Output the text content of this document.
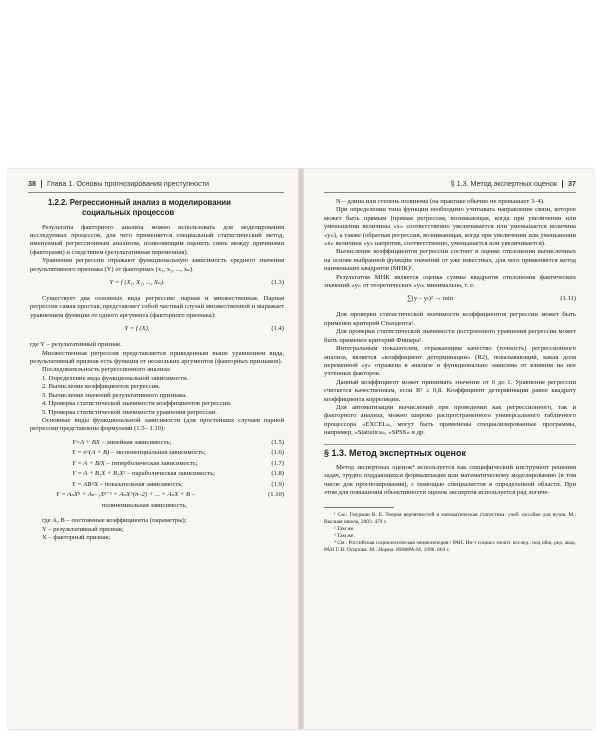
38 Глава 1. Основы прогнозирования преступности
1.2.2. Регрессионный анализ в моделировании
социальных процессов

Результаты факторного анализа можно использовать для моделирования исследуемых процессов, для чего применяется специальный статистический метод, именуемый регрессионным анализом, позволяющим оценить связь между причинами (факторами) и следствием (результативная переменная).

Уравнения регрессии отражают функциональную зависимость среднего значения результативного признака (Y) от факторных (x₁, x₂, ..., xₙ).

Y = f (X₁, X₂, ..., Xₙ).	(1.3)

Существует два основных вида регрессии: парная и множественная. Парная регрессия самая простая, представляет собой частный случай множественной и выражает уравнением функции от одного аргумента (факторного признака):

Y = f (X),	(1.4)

где Y – результативный признак.

Множественная регрессия представляется приведенным выше уравнением вида, результативный признак есть функция от нескольких аргументов (факторных признаков).

Последовательность регрессионного анализа:

1. Определение вида функциональной зависимости.

2. Вычисление коэффициентов регрессии.

3. Вычисление значений результативного признака.

4. Проверка статистической значимости коэффициентов регрессии.

5. Проверка статистической значимости уравнения регрессии.

Основные виды функциональной зависимости (для простейших случаев парной регрессии представлены формулами (1.5– 1.10):

Y=A + BX – линейная зависимость;	(1.5)
Y = e^(A + B) – экспоненциальная зависимость;	(1.6)
Y = A + B/X – гиперболическая зависимость;	(1.7)
Y = A + B₁X + B₂X² – параболическая зависимость;	(1.8)
Y = AB^X – показательная зависимость;	(1.9)
Y = AₙXⁿ + Aₙ₋₁Xⁿ⁻¹ + AₙX^(n–2) + ... + AₙX + B –	(1.10)
полиномиальная зависимость,

где A, B – постоянные коэффициенты (параметры);

Y – результативный признак;

X – факторный признак;

§ 1.3. Метод экспертных оценок 37

N – длина или степень полинома (на практике обычно не превышает 3–4).

При определении типа функции необходимо учитывать направление связи, которое может быть прямым (прямая регрессия, возникающая, когда при увеличении или уменьшении величины «x» соответственно увеличивается или уменьшается величина «y»), а также (обратная регрессия, возникающая, когда при увеличении или уменьшении «x» величина «y» напротив, соответственно, уменьшается или увеличивается).

Вычисление коэффициентов регрессии состоит в оценке отклонения вычисленных на основе выбранной функции значений от уже известных, для чего применяется метод наименьших квадратов (МНК)¹.

Результатом МНК является оценка суммы квадратов отклонения фактических значений «y» от теоретических «yₜ» минимальна, т. е.

∑(y – yₜ)² → min	(1.11)

Для проверки статистической значимости коэффициентов регрессии может быть применен критерий Стьюдента².

Для проверки статистической значимости построенного уравнения регрессии может быть применен критерий Фишера³.

Интегральным показателем, отражающим качество (точность) регрессионного анализа, является «коэффициент детерминации» (R2), показывающий, какая доля переменной «y» отражена в анализе и функционально зависима от влияния на нее учтенных факторов.

Данный коэффициент может принимать значение от 0 до 1. Уравнение регрессии считается качественным, если R² ≥ 0,8. Коэффициент детерминации равен квадрату коэффициента корреляции.

Для автоматизации вычислений при проведении как регрессионного, так и факторного анализа, можно широко распространенного универсального табличного процессора «EXCEL», могут быть применены специализированные программы, например, «Statistica», «SPSS» и др.

§ 1.3. Метод экспертных оценок

Метод экспертных оценок⁴ используется как специфический инструмент решения задач, трудно поддающихся формализации или математическому моделированию (в том числе для прогнозирования), с помощью специалистов в определенной области. При этом для повышения объективности оценок экспертов используется ряд логиче-

¹ См.: Гмурман В. Е. Теория вероятностей и математическая статистика: учеб. пособие для вузов. М.: Высшая школа, 2003. 479 с.

² Там же.

³ Там же.

⁴ См.: Российская социологическая энциклопедия / РАН. Ин-т социал.-полит. исслед.; под общ. ред. акад. РАН Г. В. Осипова. М.: Норма: ИНФРА-М, 1998. 664 с.
